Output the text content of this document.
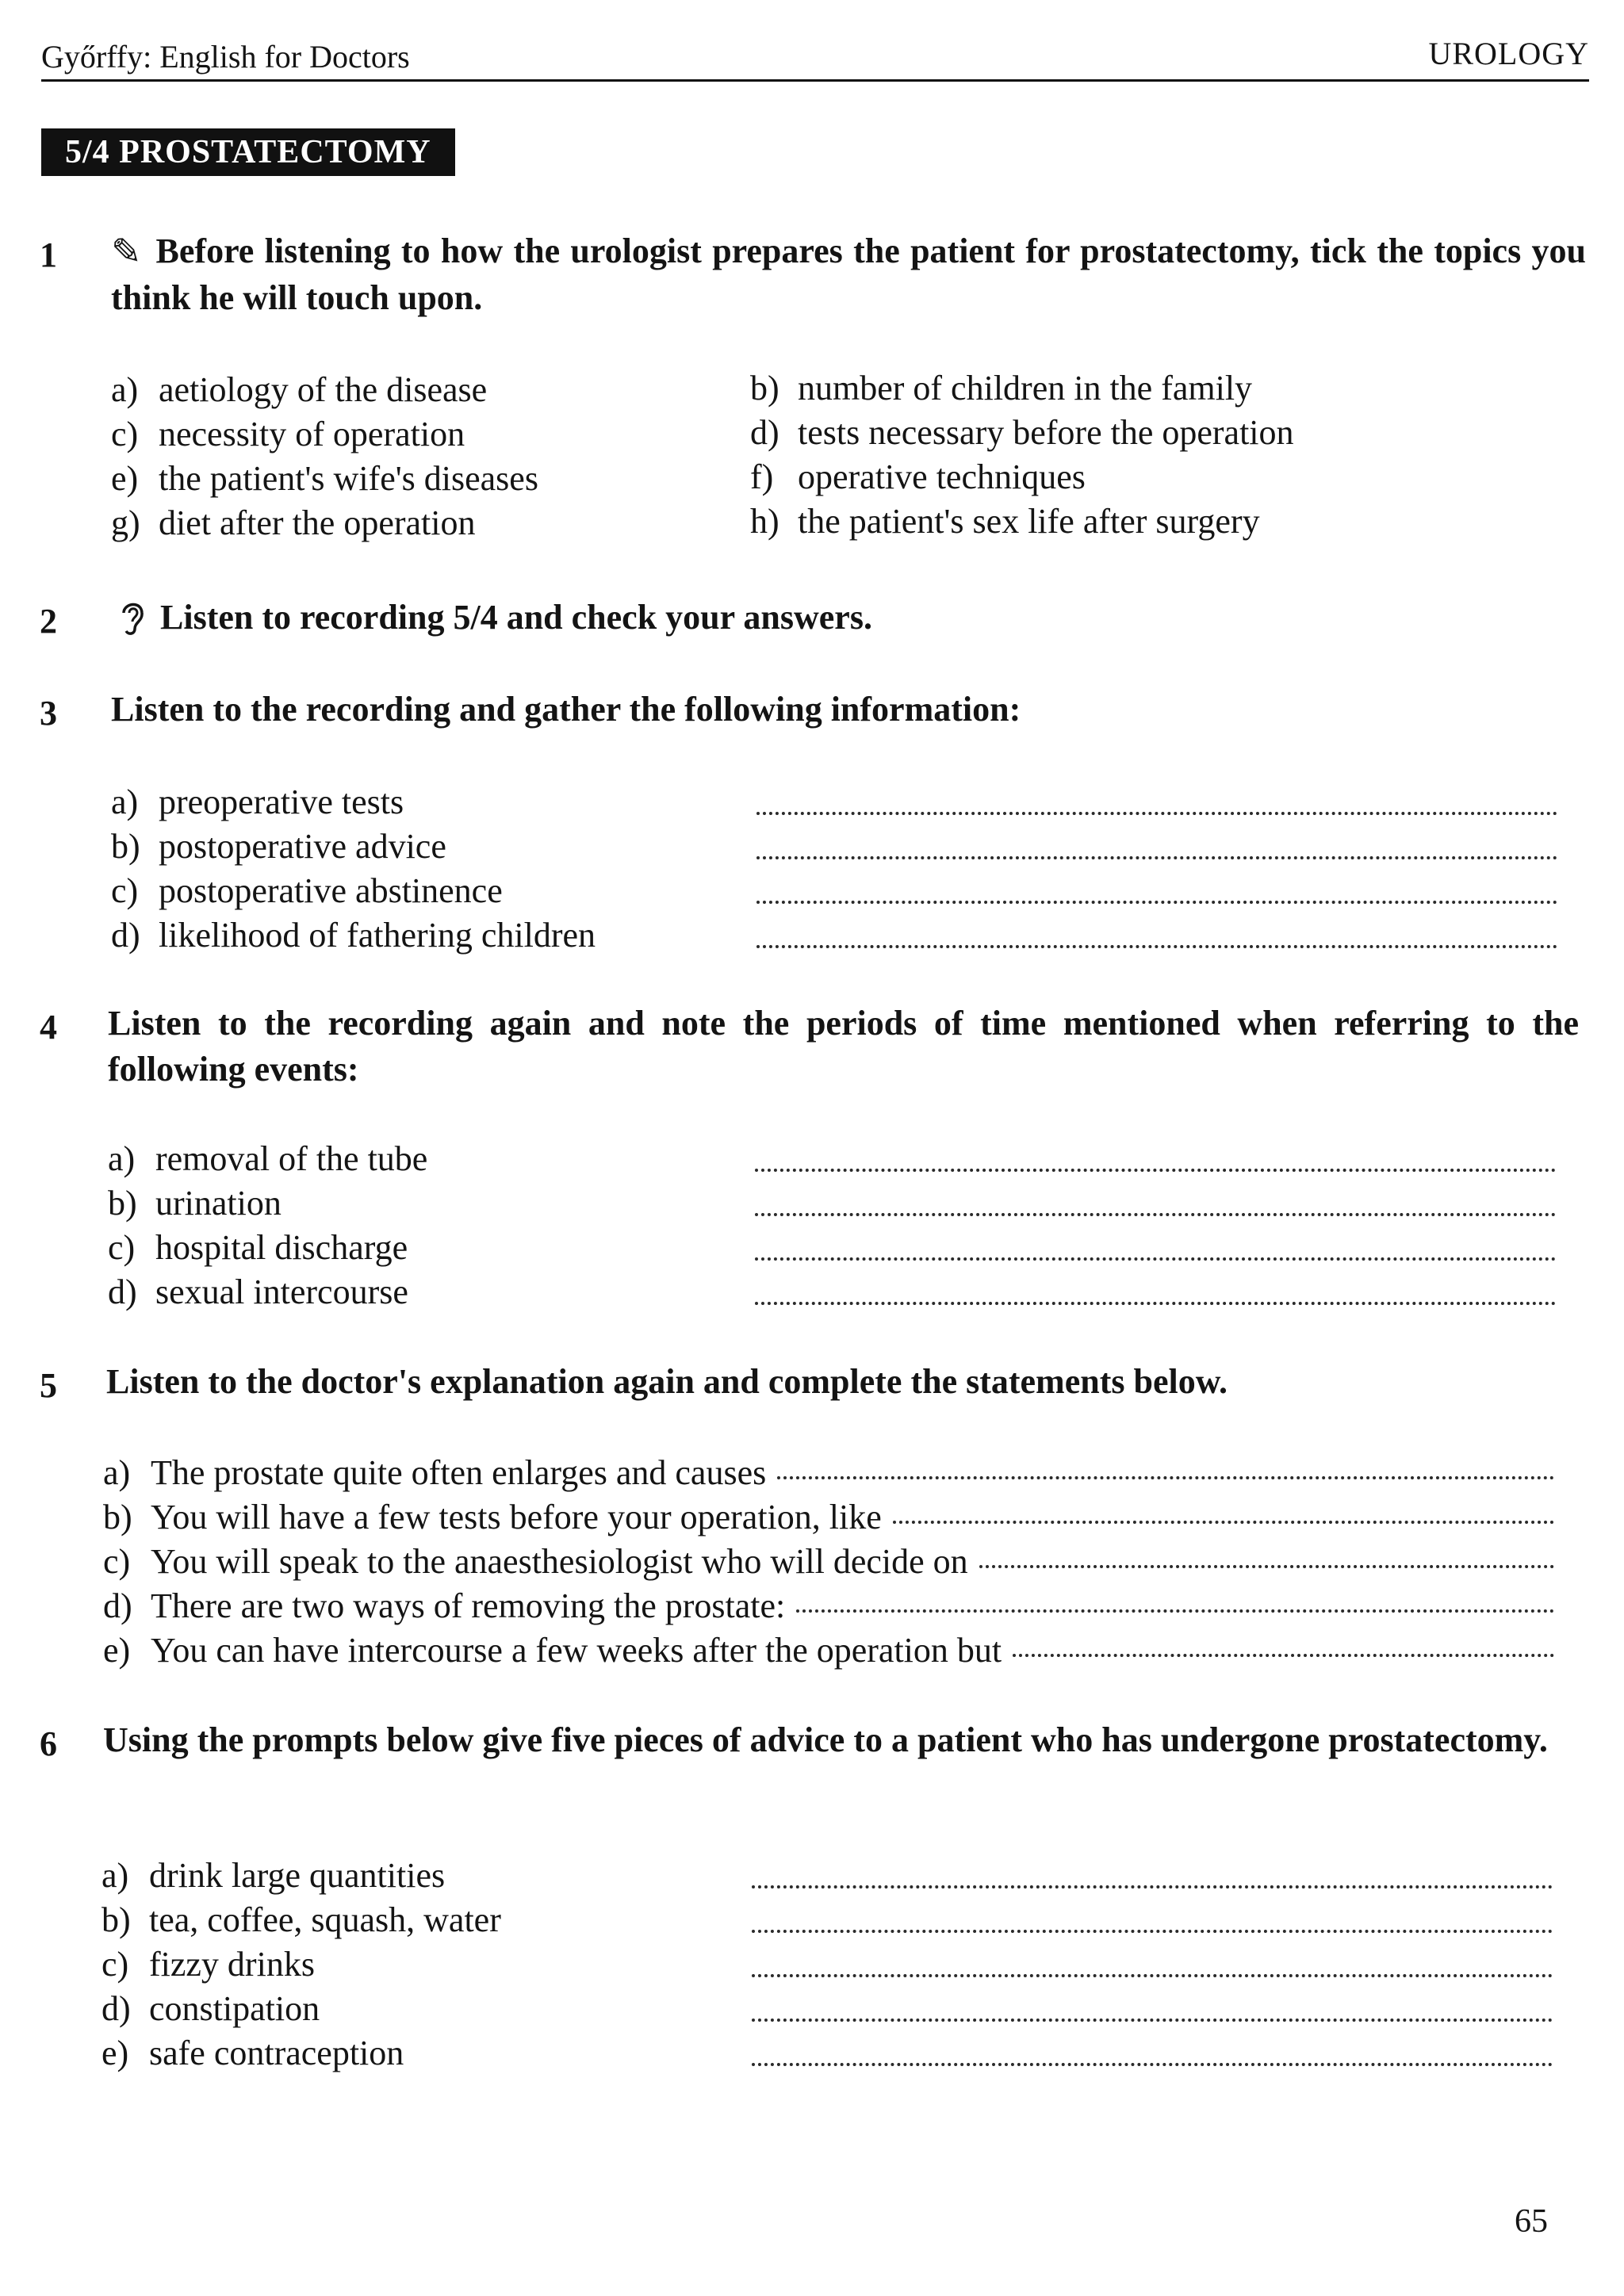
Győrffy: English for Doctors	UROLOGY
5/4 PROSTATECTOMY
1 ✎ Before listening to how the urologist prepares the patient for prostatectomy, tick the topics you think he will touch upon.
a) aetiology of the disease	b) number of children in the family
c) necessity of operation	d) tests necessary before the operation
e) the patient's wife's diseases	f) operative techniques
g) diet after the operation	h) the patient's sex life after surgery
2	Listen to recording 5/4 and check your answers.
3 Listen to the recording and gather the following information:
a) preoperative tests
b) postoperative advice
c) postoperative abstinence
d) likelihood of fathering children
4 Listen to the recording again and note the periods of time mentioned when referring to the following events:
a) removal of the tube
b) urination
c) hospital discharge
d) sexual intercourse
5 Listen to the doctor's explanation again and complete the statements below.
a) The prostate quite often enlarges and causes
b) You will have a few tests before your operation, like
c) You will speak to the anaesthesiologist who will decide on
d) There are two ways of removing the prostate:
e) You can have intercourse a few weeks after the operation but
6 Using the prompts below give five pieces of advice to a patient who has undergone prostatectomy.
a) drink large quantities
b) tea, coffee, squash, water
c) fizzy drinks
d) constipation
e) safe contraception
65
